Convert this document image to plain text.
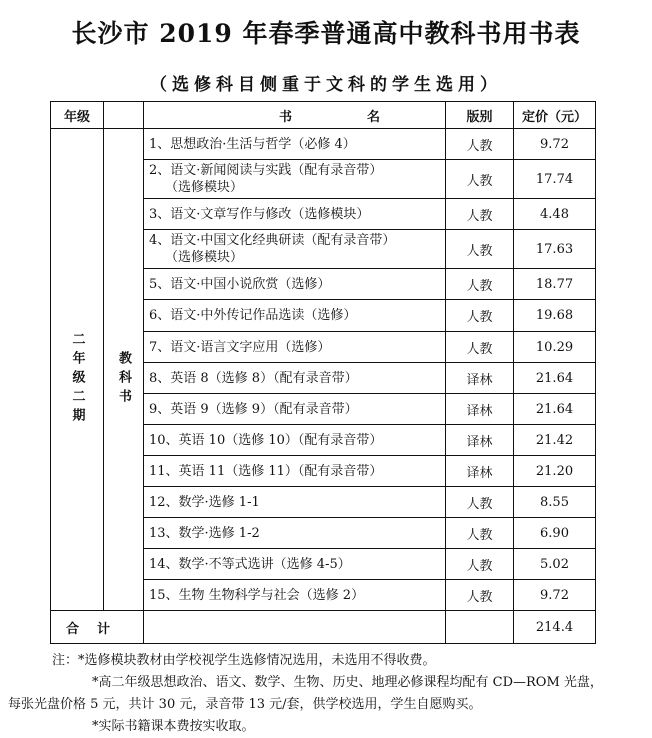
长沙市 2019 年春季普通高中教科书用书表
（选修科目侧重于文科的学生选用）
年级		书 名	版别	定价（元）

二年级二期	教科书	1、思想政治·生活与哲学（必修 4）	人教	9.72
		2、语文·新闻阅读与实践（配有录音带）
（选修模块）	人教	17.74
		3、语文·文章写作与修改（选修模块）	人教	4.48
		4、语文·中国文化经典研读（配有录音带）
（选修模块）	人教	17.63
		5、语文·中国小说欣赏（选修）	人教	18.77
		6、语文·中外传记作品选读（选修）	人教	19.68
		7、语文·语言文字应用（选修）	人教	10.29
		8、英语 8（选修 8）（配有录音带）	译林	21.64
		9、英语 9（选修 9）（配有录音带）	译林	21.64
		10、英语 10（选修 10）（配有录音带）	译林	21.42
		11、英语 11（选修 11）（配有录音带）	译林	21.20
		12、数学·选修 1-1	人教	8.55
		13、数学·选修 1-2	人教	6.90
		14、数学·不等式选讲（选修 4-5）	人教	5.02
		15、生物 生物科学与社会（选修 2）	人教	9.72
合计				214.4

注：*选修模块教材由学校视学生选修情况选用，未选用不得收费。

*高二年级思想政治、语文、数学、生物、历史、地理必修课程均配有 CD—ROM 光盘，每张光盘价格 5 元，共计 30 元，录音带 13 元/套，供学校选用，学生自愿购买。

*实际书籍课本费按实收取。
